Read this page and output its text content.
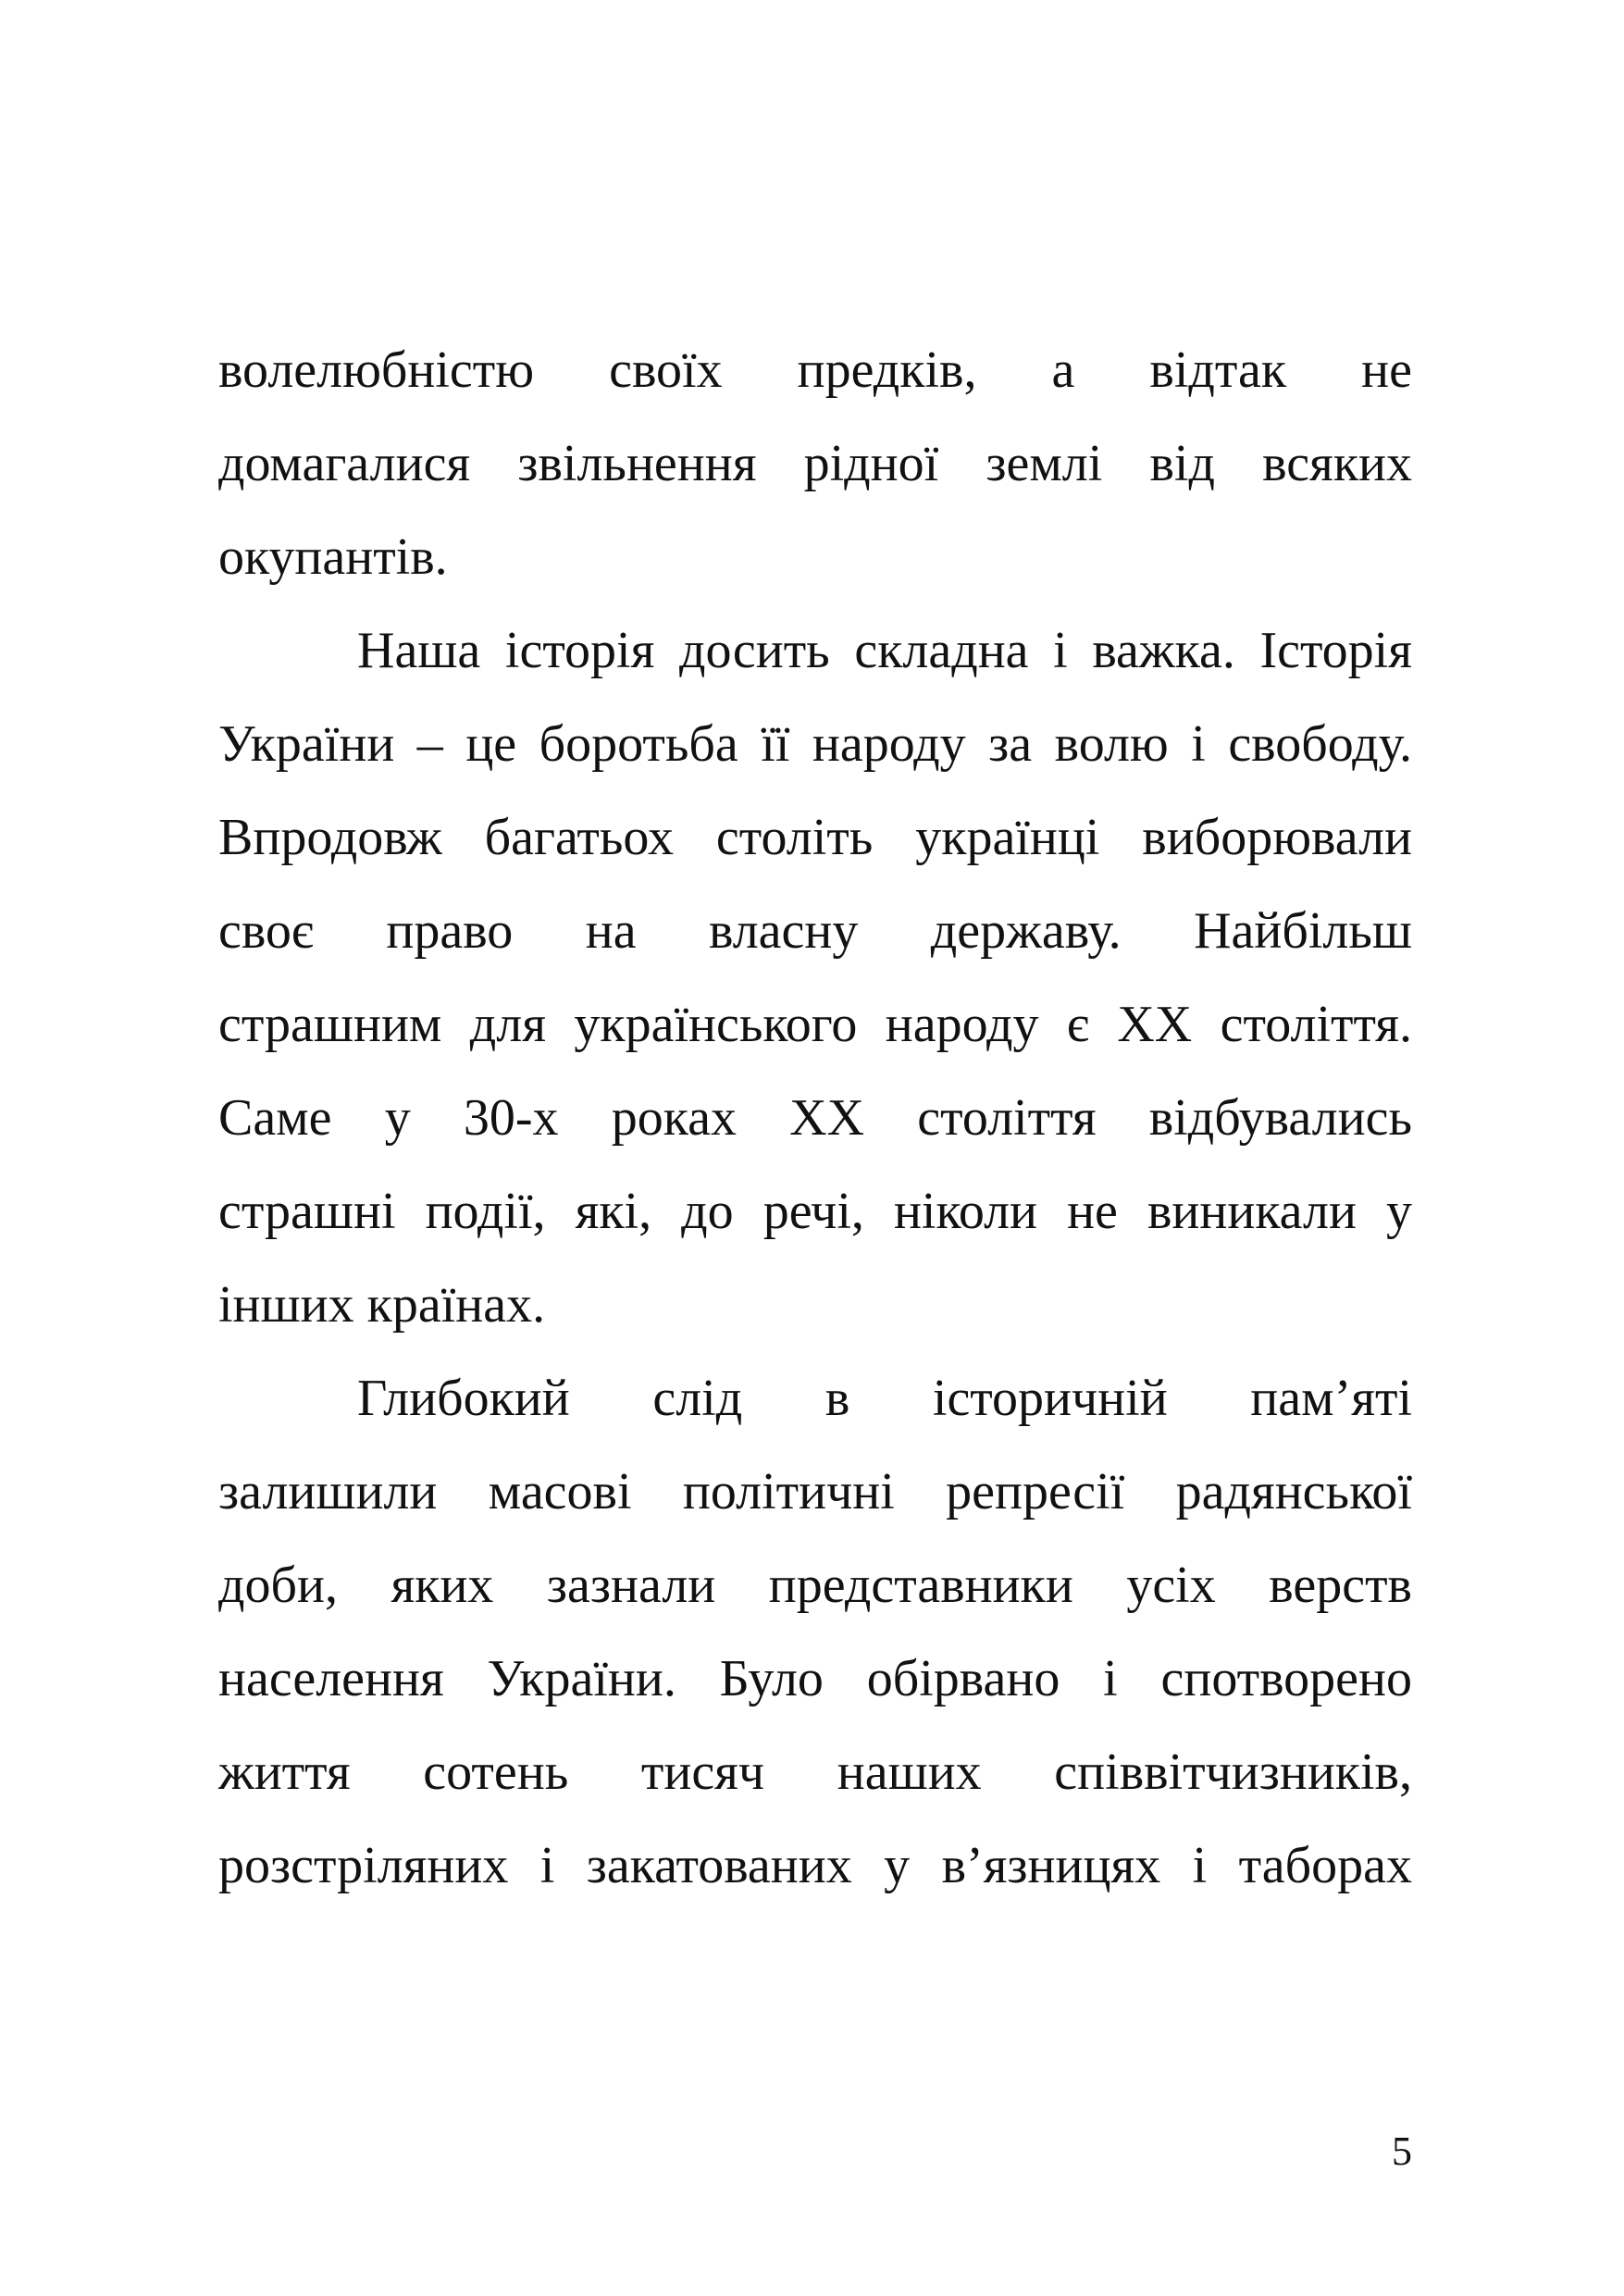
волелюбністю своїх предків, а відтак не
домагалися звільнення рідної землі від всяких
окупантів.
Наша історія досить складна і важка. Історія
України – це боротьба її народу за волю і свободу.
Впродовж багатьох століть українці виборювали
своє право на власну державу. Найбільш
страшним для українського народу є ХХ століття.
Саме у 30-х роках ХХ століття відбувались
страшні події, які, до речі, ніколи не виникали у
інших країнах.
Глибокий слід в історичній пам’яті
залишили масові політичні репресії радянської
доби, яких зазнали представники усіх верств
населення України. Було обірвано і спотворено
життя сотень тисяч наших співвітчизників,
розстріляних і закатованих у в’язницях і таборах
5
